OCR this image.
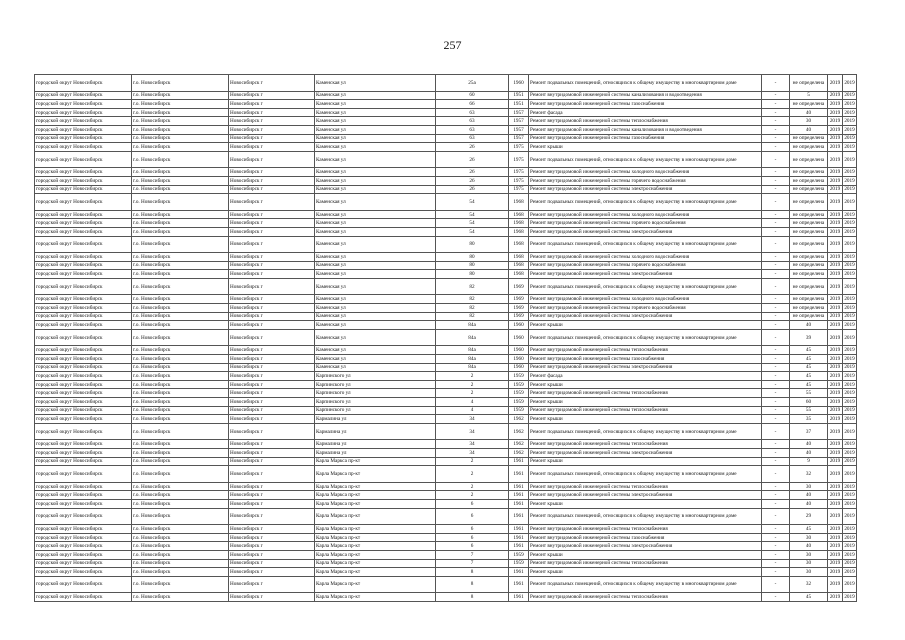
257
городской округ Новосибирск	г.о. Новосибирск	Новосибирск г	Каменская ул	25а	1960	Ремонт подвальных помещений, относящихся к общему имуществу в многоквартирном доме	-	не определена	2019	2019
городской округ Новосибирск	г.о. Новосибирск	Новосибирск г	Каменская ул	60	1951	Ремонт внутридомовой инженерной системы канализования и водоотведения	-	5	2019	2019
городской округ Новосибирск	г.о. Новосибирск	Новосибирск г	Каменская ул	66	1951	Ремонт внутридомовой инженерной системы газоснабжения	-	не определена	2019	2019
городской округ Новосибирск	г.о. Новосибирск	Новосибирск г	Каменская ул	63	1957	Ремонт фасада	-	40	2019	2019
городской округ Новосибирск	г.о. Новосибирск	Новосибирск г	Каменская ул	63	1957	Ремонт внутридомовой инженерной системы теплоснабжения	-	30	2019	2019
городской округ Новосибирск	г.о. Новосибирск	Новосибирск г	Каменская ул	63	1957	Ремонт внутридомовой инженерной системы канализования и водоотведения	-	40	2019	2019
городской округ Новосибирск	г.о. Новосибирск	Новосибирск г	Каменская ул	63	1957	Ремонт внутридомовой инженерной системы газоснабжения	-	не определена	2019	2019
городской округ Новосибирск	г.о. Новосибирск	Новосибирск г	Каменская ул	26	1975	Ремонт крыши	-	не определена	2019	2019
городской округ Новосибирск	г.о. Новосибирск	Новосибирск г	Каменская ул	26	1975	Ремонт подвальных помещений, относящихся к общему имуществу в многоквартирном доме	-	не определена	2019	2019
городской округ Новосибирск	г.о. Новосибирск	Новосибирск г	Каменская ул	26	1975	Ремонт внутридомовой инженерной системы холодного водоснабжения	-	не определена	2019	2019
городской округ Новосибирск	г.о. Новосибирск	Новосибирск г	Каменская ул	26	1975	Ремонт внутридомовой инженерной системы горячего водоснабжения	-	не определена	2019	2019
городской округ Новосибирск	г.о. Новосибирск	Новосибирск г	Каменская ул	26	1975	Ремонт внутридомовой инженерной системы электроснабжения	-	не определена	2019	2019
городской округ Новосибирск	г.о. Новосибирск	Новосибирск г	Каменская ул	54	1968	Ремонт подвальных помещений, относящихся к общему имуществу в многоквартирном доме	-	не определена	2019	2019
городской округ Новосибирск	г.о. Новосибирск	Новосибирск г	Каменская ул	54	1968	Ремонт внутридомовой инженерной системы холодного водоснабжения	-	не определена	2019	2019
городской округ Новосибирск	г.о. Новосибирск	Новосибирск г	Каменская ул	54	1968	Ремонт внутридомовой инженерной системы горячего водоснабжения	-	не определена	2019	2019
городской округ Новосибирск	г.о. Новосибирск	Новосибирск г	Каменская ул	54	1968	Ремонт внутридомовой инженерной системы электроснабжения	-	не определена	2019	2019
городской округ Новосибирск	г.о. Новосибирск	Новосибирск г	Каменская ул	80	1968	Ремонт подвальных помещений, относящихся к общему имуществу в многоквартирном доме	-	не определена	2019	2019
городской округ Новосибирск	г.о. Новосибирск	Новосибирск г	Каменская ул	80	1968	Ремонт внутридомовой инженерной системы холодного водоснабжения	-	не определена	2019	2019
городской округ Новосибирск	г.о. Новосибирск	Новосибирск г	Каменская ул	80	1968	Ремонт внутридомовой инженерной системы горячего водоснабжения	-	не определена	2019	2019
городской округ Новосибирск	г.о. Новосибирск	Новосибирск г	Каменская ул	80	1968	Ремонт внутридомовой инженерной системы электроснабжения	-	не определена	2019	2019
городской округ Новосибирск	г.о. Новосибирск	Новосибирск г	Каменская ул	82	1969	Ремонт подвальных помещений, относящихся к общему имуществу в многоквартирном доме	-	не определена	2019	2019
городской округ Новосибирск	г.о. Новосибирск	Новосибирск г	Каменская ул	82	1969	Ремонт внутридомовой инженерной системы холодного водоснабжения	-	не определена	2019	2019
городской округ Новосибирск	г.о. Новосибирск	Новосибирск г	Каменская ул	82	1969	Ремонт внутридомовой инженерной системы горячего водоснабжения	-	не определена	2019	2019
городской округ Новосибирск	г.о. Новосибирск	Новосибирск г	Каменская ул	82	1969	Ремонт внутридомовой инженерной системы электроснабжения	-	не определена	2019	2019
городской округ Новосибирск	г.о. Новосибирск	Новосибирск г	Каменская ул	84а	1960	Ремонт крыши	-	40	2019	2019
городской округ Новосибирск	г.о. Новосибирск	Новосибирск г	Каменская ул	84а	1960	Ремонт подвальных помещений, относящихся к общему имуществу в многоквартирном доме	-	39	2019	2019
городской округ Новосибирск	г.о. Новосибирск	Новосибирск г	Каменская ул	84а	1960	Ремонт внутридомовой инженерной системы теплоснабжения	-	45	2019	2019
городской округ Новосибирск	г.о. Новосибирск	Новосибирск г	Каменская ул	84а	1960	Ремонт внутридомовой инженерной системы газоснабжения	-	45	2019	2019
городской округ Новосибирск	г.о. Новосибирск	Новосибирск г	Каменская ул	84а	1960	Ремонт внутридомовой инженерной системы электроснабжения	-	45	2019	2019
городской округ Новосибирск	г.о. Новосибирск	Новосибирск г	Карпинского ул	2	1959	Ремонт фасада	-	45	2019	2019
городской округ Новосибирск	г.о. Новосибирск	Новосибирск г	Карпинского ул	2	1959	Ремонт крыши	-	45	2019	2019
городской округ Новосибирск	г.о. Новосибирск	Новосибирск г	Карпинского ул	2	1959	Ремонт внутридомовой инженерной системы теплоснабжения	-	55	2019	2019
городской округ Новосибирск	г.о. Новосибирск	Новосибирск г	Карпинского ул	4	1959	Ремонт крыши	-	60	2019	2019
городской округ Новосибирск	г.о. Новосибирск	Новосибирск г	Карпинского ул	4	1959	Ремонт внутридомовой инженерной системы теплоснабжения	-	55	2019	2019
городской округ Новосибирск	г.о. Новосибирск	Новосибирск г	Кармалина ул	34	1962	Ремонт крыши	-	35	2019	2019
городской округ Новосибирск	г.о. Новосибирск	Новосибирск г	Кармалина ул	34	1962	Ремонт подвальных помещений, относящихся к общему имуществу в многоквартирном доме	-	37	2019	2019
городской округ Новосибирск	г.о. Новосибирск	Новосибирск г	Кармалина ул	34	1962	Ремонт внутридомовой инженерной системы теплоснабжения	-	40	2019	2019
городской округ Новосибирск	г.о. Новосибирск	Новосибирск г	Кармалина ул	34	1962	Ремонт внутридомовой инженерной системы электроснабжения	-	40	2019	2019
городской округ Новосибирск	г.о. Новосибирск	Новосибирск г	Карла Маркса пр-кт	2	1961	Ремонт крыши	-	9	2019	2019
городской округ Новосибирск	г.о. Новосибирск	Новосибирск г	Карла Маркса пр-кт	2	1961	Ремонт подвальных помещений, относящихся к общему имуществу в многоквартирном доме	-	32	2019	2019
городской округ Новосибирск	г.о. Новосибирск	Новосибирск г	Карла Маркса пр-кт	2	1961	Ремонт внутридомовой инженерной системы теплоснабжения	-	30	2019	2019
городской округ Новосибирск	г.о. Новосибирск	Новосибирск г	Карла Маркса пр-кт	2	1961	Ремонт внутридомовой инженерной системы электроснабжения	-	40	2019	2019
городской округ Новосибирск	г.о. Новосибирск	Новосибирск г	Карла Маркса пр-кт	6	1961	Ремонт крыши	-	40	2019	2019
городской округ Новосибирск	г.о. Новосибирск	Новосибирск г	Карла Маркса пр-кт	6	1961	Ремонт подвальных помещений, относящихся к общему имуществу в многоквартирном доме	-	29	2019	2019
городской округ Новосибирск	г.о. Новосибирск	Новосибирск г	Карла Маркса пр-кт	6	1961	Ремонт внутридомовой инженерной системы теплоснабжения	-	45	2019	2019
городской округ Новосибирск	г.о. Новосибирск	Новосибирск г	Карла Маркса пр-кт	6	1961	Ремонт внутридомовой инженерной системы газоснабжения	-	30	2019	2019
городской округ Новосибирск	г.о. Новосибирск	Новосибирск г	Карла Маркса пр-кт	6	1961	Ремонт внутридомовой инженерной системы электроснабжения	-	40	2019	2019
городской округ Новосибирск	г.о. Новосибирск	Новосибирск г	Карла Маркса пр-кт	7	1959	Ремонт крыши	-	30	2019	2019
городской округ Новосибирск	г.о. Новосибирск	Новосибирск г	Карла Маркса пр-кт	7	1959	Ремонт внутридомовой инженерной системы теплоснабжения	-	30	2019	2019
городской округ Новосибирск	г.о. Новосибирск	Новосибирск г	Карла Маркса пр-кт	8	1961	Ремонт крыши	-	30	2019	2019
городской округ Новосибирск	г.о. Новосибирск	Новосибирск г	Карла Маркса пр-кт	8	1961	Ремонт подвальных помещений, относящихся к общему имуществу в многоквартирном доме	-	32	2019	2019
городской округ Новосибирск	г.о. Новосибирск	Новосибирск г	Карла Маркса пр-кт	8	1961	Ремонт внутридомовой инженерной системы теплоснабжения	-	45	2019	2019
